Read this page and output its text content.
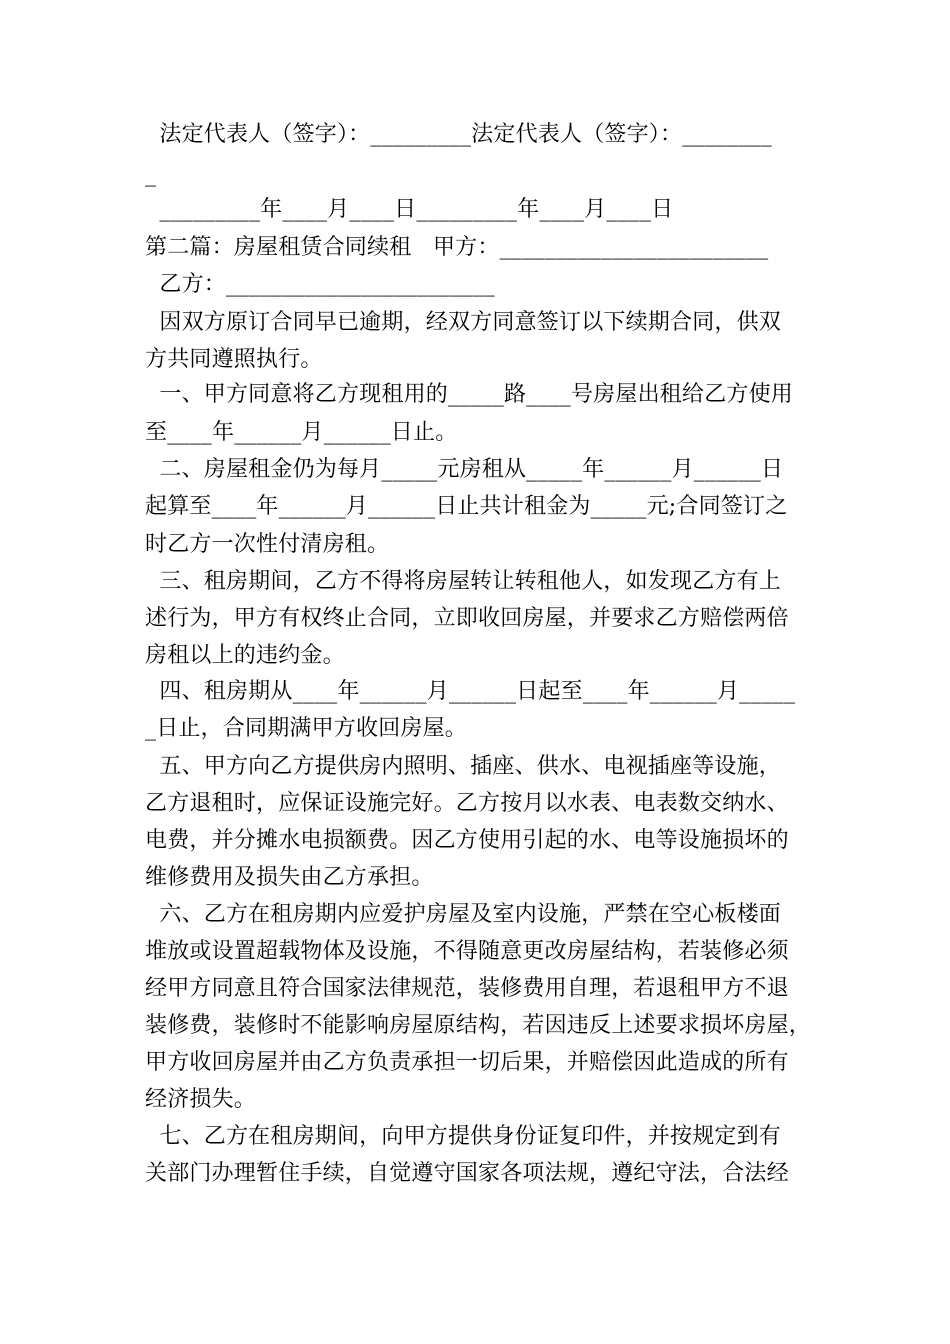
法定代表人（签字）：_________法定代表人（签字）：________
_
_________年____月____日_________年____月____日
第二篇：房屋租赁合同续租   甲方：________________________
乙方：________________________
因双方原订合同早已逾期，经双方同意签订以下续期合同，供双
方共同遵照执行。
一、甲方同意将乙方现租用的_____路____号房屋出租给乙方使用
至____年______月______日止。
二、房屋租金仍为每月_____元房租从_____年______月______日
起算至____年______月______日止共计租金为_____元;合同签订之
时乙方一次性付清房租。
三、租房期间，乙方不得将房屋转让转租他人，如发现乙方有上
述行为，甲方有权终止合同，立即收回房屋，并要求乙方赔偿两倍
房租以上的违约金。
四、租房期从____年______月______日起至____年______月_____
_日止，合同期满甲方收回房屋。
五、甲方向乙方提供房内照明、插座、供水、电视插座等设施，
乙方退租时，应保证设施完好。乙方按月以水表、电表数交纳水、
电费，并分摊水电损额费。因乙方使用引起的水、电等设施损坏的
维修费用及损失由乙方承担。
六、乙方在租房期内应爱护房屋及室内设施，严禁在空心板楼面
堆放或设置超载物体及设施，不得随意更改房屋结构，若装修必须
经甲方同意且符合国家法律规范，装修费用自理，若退租甲方不退
装修费，装修时不能影响房屋原结构，若因违反上述要求损坏房屋，
甲方收回房屋并由乙方负责承担一切后果，并赔偿因此造成的所有
经济损失。
七、乙方在租房期间，向甲方提供身份证复印件，并按规定到有
关部门办理暂住手续，自觉遵守国家各项法规，遵纪守法，合法经
